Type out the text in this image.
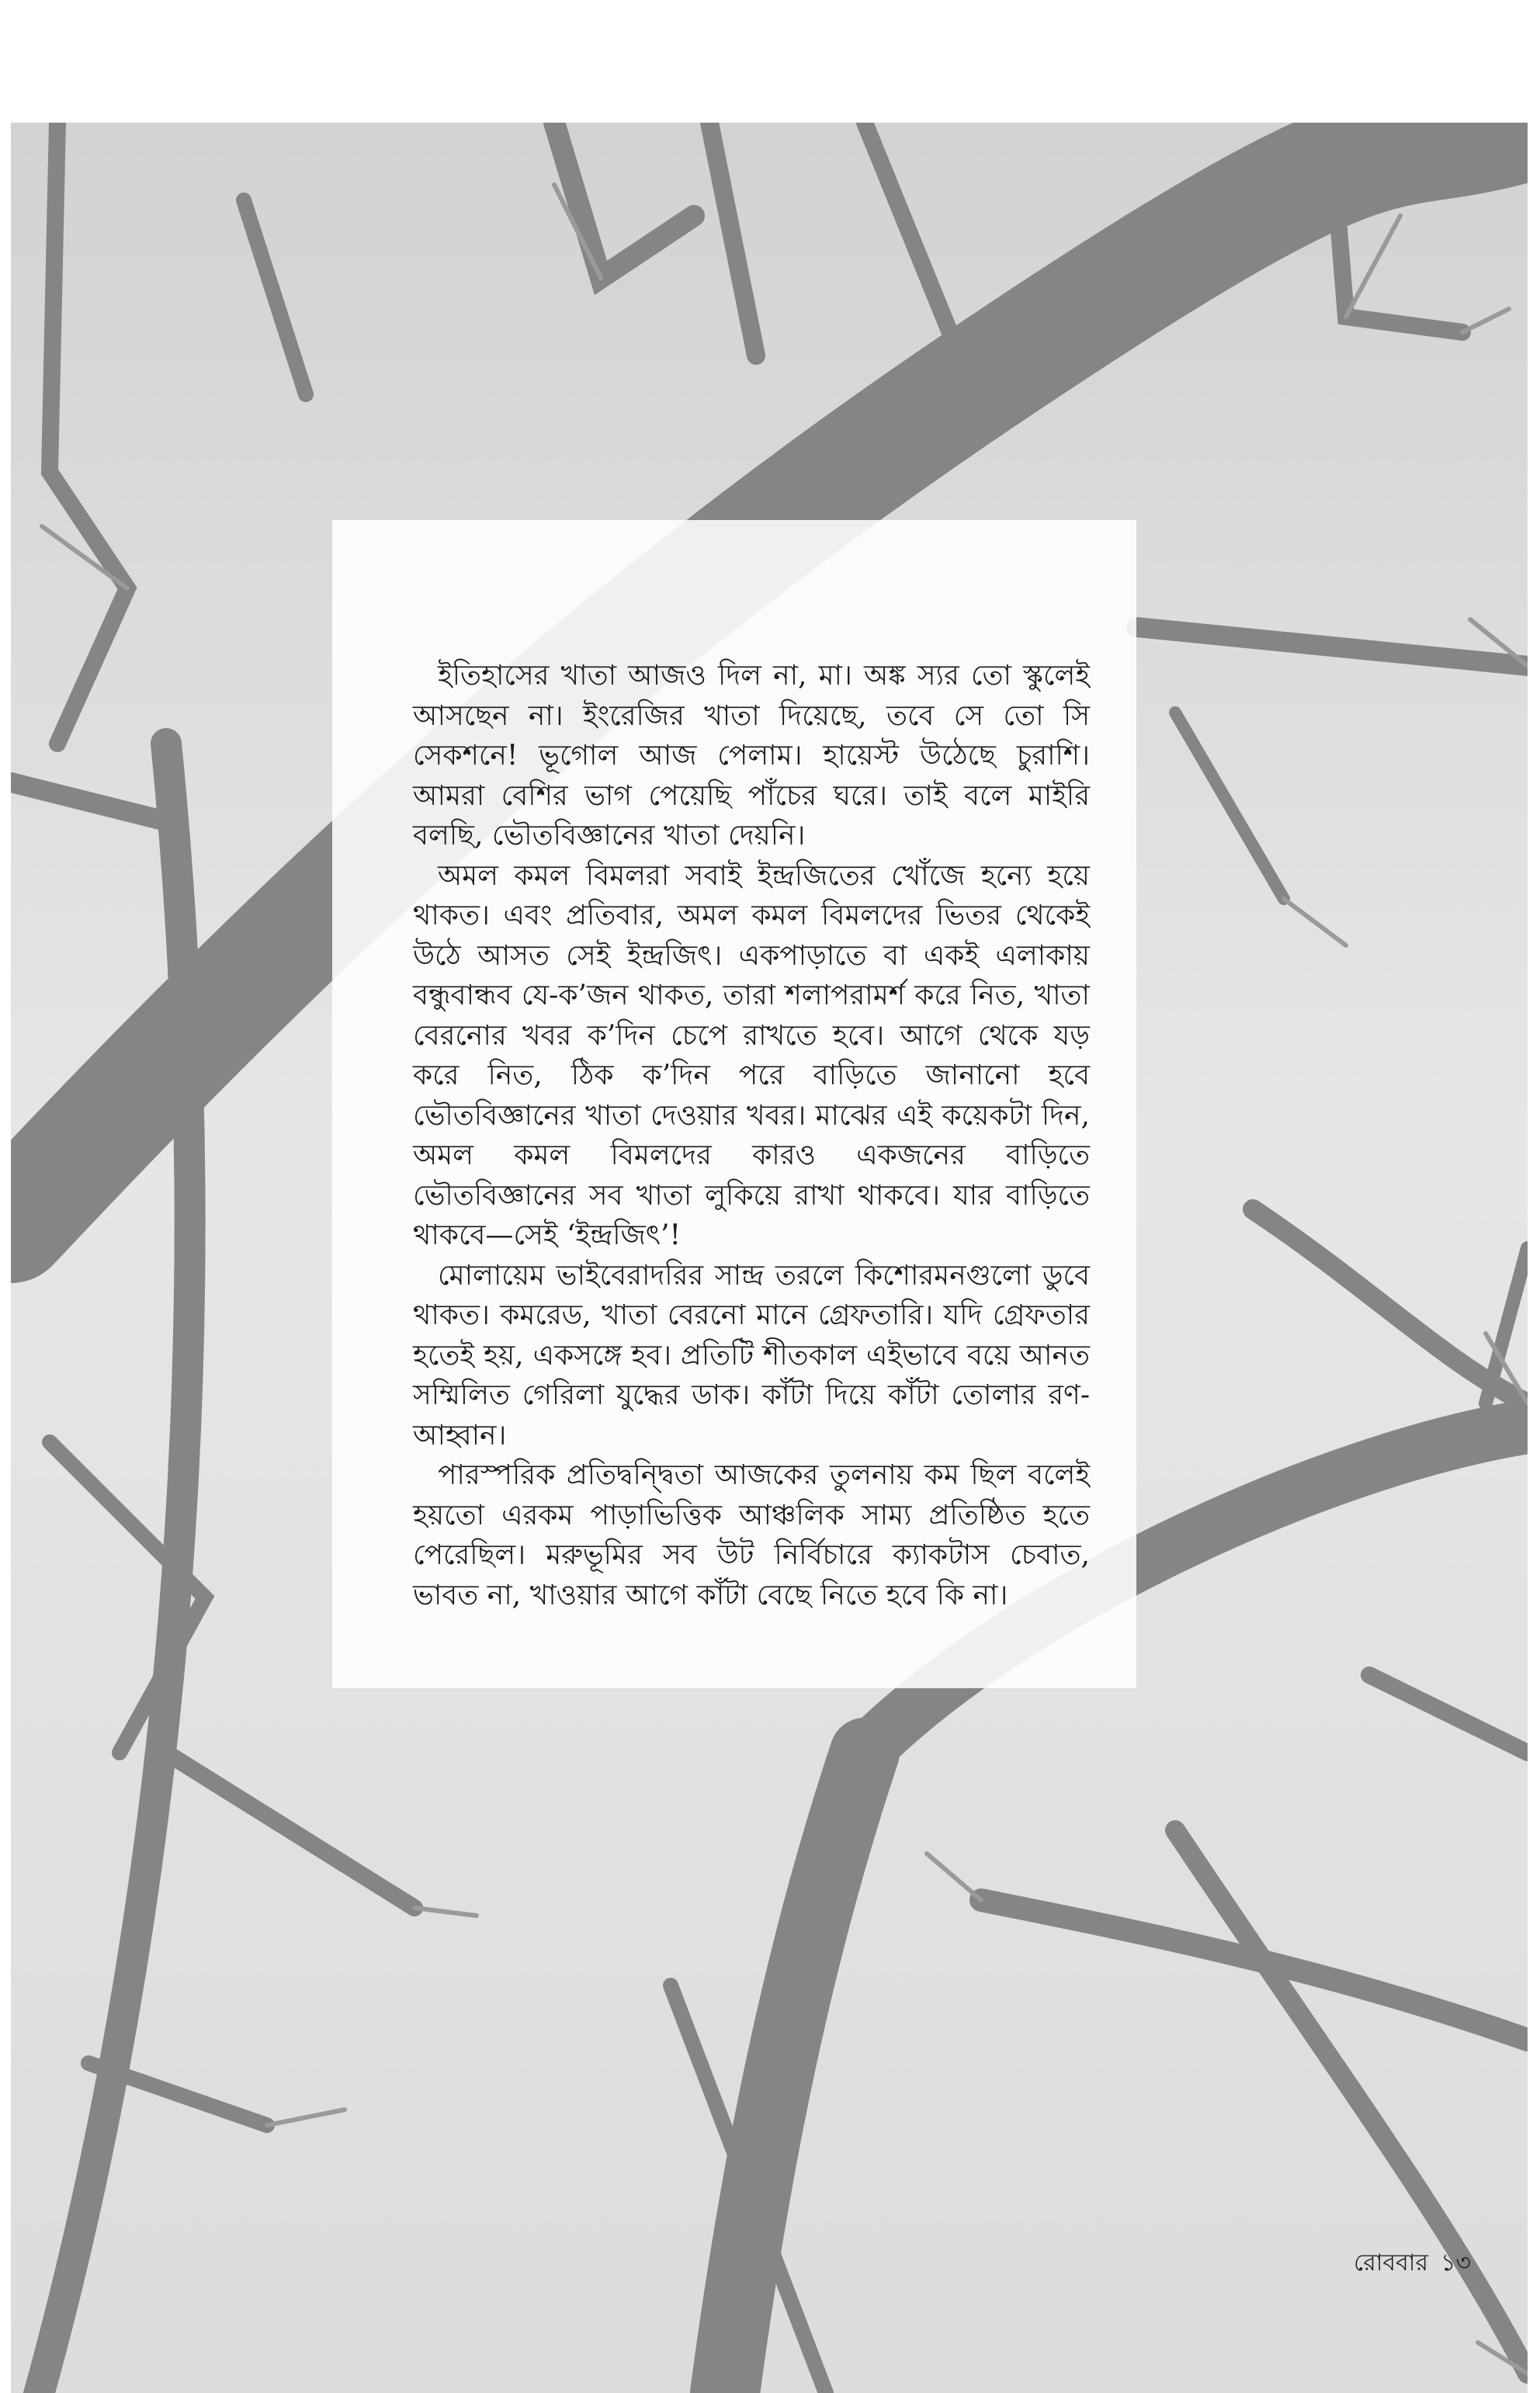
ইতিহাসের খাতা আজও দিল না, মা। অঙ্ক স্যর তো স্কুলেই আসছেন না। ইংরেজির খাতা দিয়েছে, তবে সে তো সি সেকশনে! ভূগোল আজ পেলাম। হায়েস্ট উঠেছে চুরাশি। আমরা বেশির ভাগ পেয়েছি পাঁচের ঘরে। তাই বলে মাইরি বলছি, ভৌতবিজ্ঞানের খাতা দেয়নি।

অমল কমল বিমলরা সবাই ইন্দ্রজিতের খোঁজে হন্যে হয়ে থাকত। এবং প্রতিবার, অমল কমল বিমলদের ভিতর থেকেই উঠে আসত সেই ইন্দ্রজিৎ। একপাড়াতে বা একই এলাকায় বন্ধুবান্ধব যে-ক’জন থাকত, তারা শলাপরামর্শ করে নিত, খাতা বেরনোর খবর ক’দিন চেপে রাখতে হবে। আগে থেকে যড় করে নিত, ঠিক ক’দিন পরে বাড়িতে জানানো হবে ভৌতবিজ্ঞানের খাতা দেওয়ার খবর। মাঝের এই কয়েকটা দিন, অমল কমল বিমলদের কারও একজনের বাড়িতে ভৌতবিজ্ঞানের সব খাতা লুকিয়ে রাখা থাকবে। যার বাড়িতে থাকবে—সেই ‘ইন্দ্রজিৎ’!

মোলায়েম ভাইবেরাদরির সান্দ্র তরলে কিশোরমনগুলো ডুবে থাকত। কমরেড, খাতা বেরনো মানে গ্রেফতারি। যদি গ্রেফতার হতেই হয়, একসঙ্গে হব। প্রতিটি শীতকাল এইভাবে বয়ে আনত সম্মিলিত গেরিলা যুদ্ধের ডাক। কাঁটা দিয়ে কাঁটা তোলার রণ-আহ্বান।

পারস্পরিক প্রতিদ্বন্দ্বিতা আজকের তুলনায় কম ছিল বলেই হয়তো এরকম পাড়াভিত্তিক আঞ্চলিক সাম্য প্রতিষ্ঠিত হতে পেরেছিল। মরুভূমির সব উট নির্বিচারে ক্যাকটাস চেবাত, ভাবত না, খাওয়ার আগে কাঁটা বেছে নিতে হবে কি না।

রোববার ১৩
